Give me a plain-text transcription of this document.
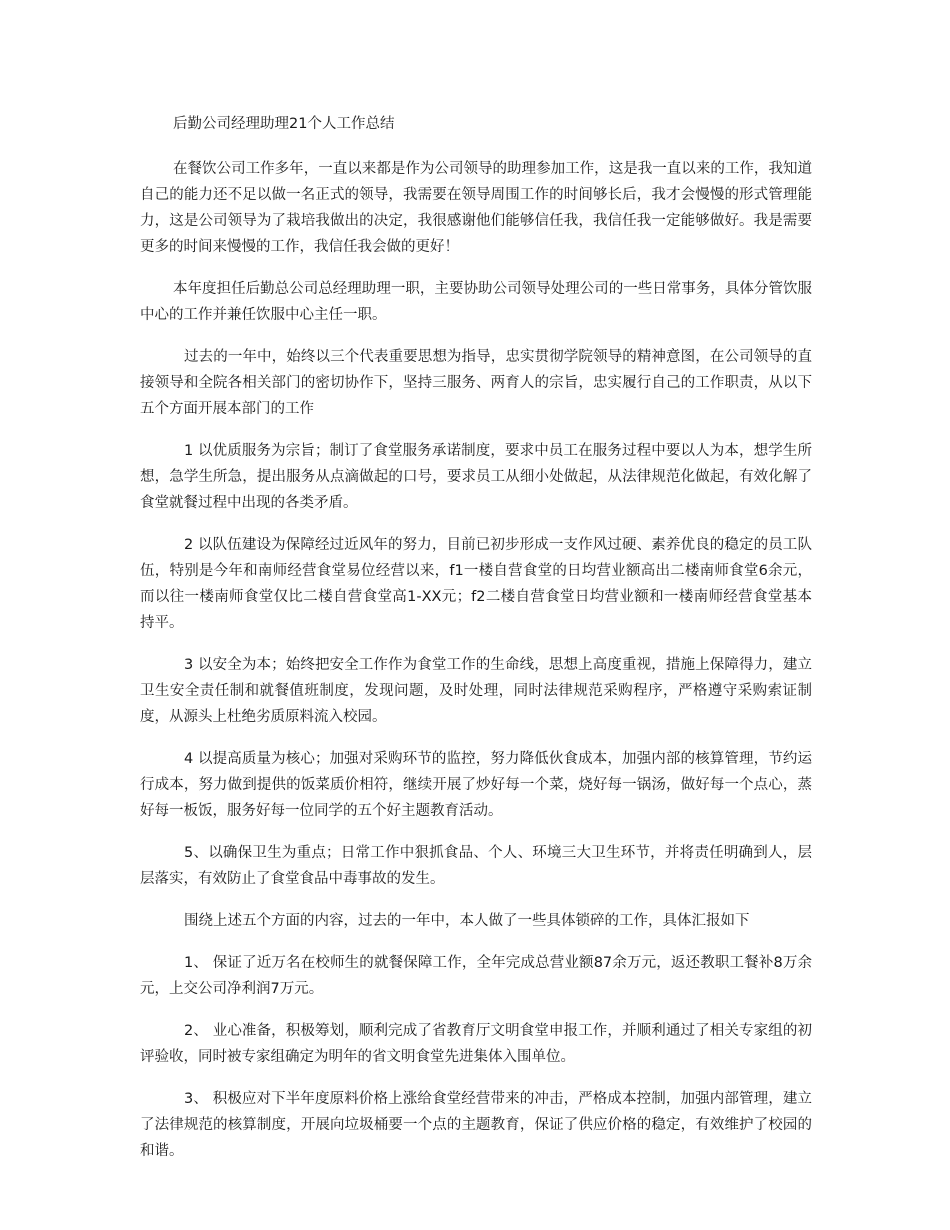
后勤公司经理助理21个人工作总结

在餐饮公司工作多年，一直以来都是作为公司领导的助理参加工作，这是我一直以来的工作，我知道自己的能力还不足以做一名正式的领导，我需要在领导周围工作的时间够长后，我才会慢慢的形式管理能力，这是公司领导为了栽培我做出的决定，我很感谢他们能够信任我，我信任我一定能够做好。我是需要更多的时间来慢慢的工作，我信任我会做的更好！

本年度担任后勤总公司总经理助理一职，主要协助公司领导处理公司的一些日常事务，具体分管饮服中心的工作并兼任饮服中心主任一职。

过去的一年中，始终以三个代表重要思想为指导，忠实贯彻学院领导的精神意图，在公司领导的直接领导和全院各相关部门的密切协作下，坚持三服务、两育人的宗旨，忠实履行自己的工作职责，从以下五个方面开展本部门的工作

1 以优质服务为宗旨；制订了食堂服务承诺制度，要求中员工在服务过程中要以人为本，想学生所想，急学生所急，提出服务从点滴做起的口号，要求员工从细小处做起，从法律规范化做起，有效化解了食堂就餐过程中出现的各类矛盾。

2 以队伍建设为保障经过近风年的努力，目前已初步形成一支作风过硬、素养优良的稳定的员工队伍，特别是今年和南师经营食堂易位经营以来，f1一楼自营食堂的日均营业额高出二楼南师食堂6余元，而以往一楼南师食堂仅比二楼自营食堂高1-XX元；f2二楼自营食堂日均营业额和一楼南师经营食堂基本持平。

3 以安全为本；始终把安全工作作为食堂工作的生命线，思想上高度重视，措施上保障得力，建立卫生安全责任制和就餐值班制度，发现问题，及时处理，同时法律规范采购程序，严格遵守采购索证制度，从源头上杜绝劣质原料流入校园。

4 以提高质量为核心；加强对采购环节的监控，努力降低伙食成本，加强内部的核算管理，节约运行成本，努力做到提供的饭菜质价相符，继续开展了炒好每一个菜，烧好每一锅汤，做好每一个点心，蒸好每一板饭，服务好每一位同学的五个好主题教育活动。

5、以确保卫生为重点；日常工作中狠抓食品、个人、环境三大卫生环节，并将责任明确到人，层层落实，有效防止了食堂食品中毒事故的发生。

围绕上述五个方面的内容，过去的一年中，本人做了一些具体锁碎的工作，具体汇报如下

1、 保证了近万名在校师生的就餐保障工作，全年完成总营业额87余万元，返还教职工餐补8万余元，上交公司净利润7万元。

2、 业心准备，积极筹划，顺利完成了省教育厅文明食堂申报工作，并顺利通过了相关专家组的初评验收，同时被专家组确定为明年的省文明食堂先进集体入围单位。

3、 积极应对下半年度原料价格上涨给食堂经营带来的冲击，严格成本控制，加强内部管理，建立了法律规范的核算制度，开展向垃圾桶要一个点的主题教育，保证了供应价格的稳定，有效维护了校园的和谐。
